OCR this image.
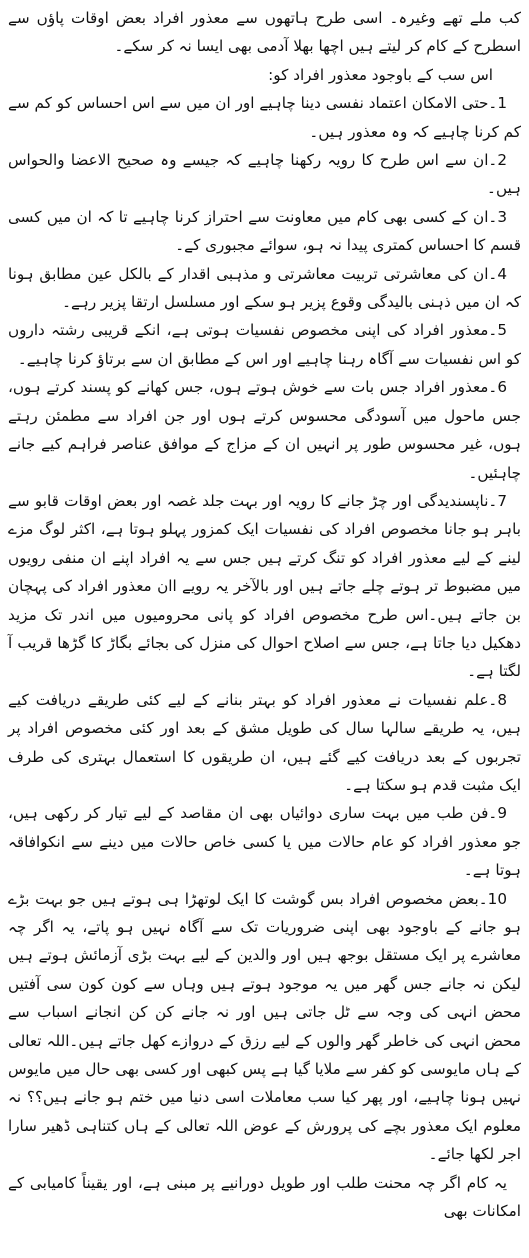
کب ملے تھے وغیرہ۔ اسی طرح ہاتھوں سے معذور افراد بعض اوقات پاؤں سے اسطرح کے کام کر لیتے ہیں اچھا بھلا آدمی بھی ایسا نہ کر سکے۔

اس سب کے باوجود معذور افراد کو:

1۔حتی الامکان اعتماد نفسی دینا چاہیے اور ان میں سے اس احساس کو کم سے کم کرنا چاہیے کہ وہ معذور ہیں۔

2۔ان سے اس طرح کا رویہ رکھنا چاہیے کہ جیسے وہ صحیح الاعضا والحواس ہیں۔

3۔ان کے کسی بھی کام میں معاونت سے احتراز کرنا چاہیے تا کہ ان میں کسی قسم کا احساس کمتری پیدا نہ ہو، سوائے مجبوری کے۔

4۔ان کی معاشرتی تربیت معاشرتی و مذہبی اقدار کے بالکل عین مطابق ہونا کہ ان میں ذہنی بالیدگی وقوع پزیر ہو سکے اور مسلسل ارتقا پزیر رہے۔

5۔معذور افراد کی اپنی مخصوص نفسیات ہوتی ہے، انکے قریبی رشتہ داروں کو اس نفسیات سے آگاہ رہنا چاہیے اور اس کے مطابق ان سے برتاؤ کرنا چاہیے۔

6۔معذور افراد جس بات سے خوش ہوتے ہوں، جس کھانے کو پسند کرتے ہوں، جس ماحول میں آسودگی محسوس کرتے ہوں اور جن افراد سے مطمئن رہتے ہوں، غیر محسوس طور پر انہیں ان کے مزاج کے موافق عناصر فراہم کیے جانے چاہئیں۔

7۔ناپسندیدگی اور چڑ جانے کا رویہ اور بہت جلد غصہ اور بعض اوقات قابو سے باہر ہو جانا مخصوص افراد کی نفسیات ایک کمزور پہلو ہوتا ہے، اکثر لوگ مزے لینے کے لیے معذور افراد کو تنگ کرتے ہیں جس سے یہ افراد اپنے ان منفی رویوں میں مضبوط تر ہوتے چلے جاتے ہیں اور بالآخر یہ رویے اان معذور افراد کی پہچان بن جاتے ہیں۔اس طرح مخصوص افراد کو پانی محرومیوں میں اندر تک مزید دھکیل دیا جاتا ہے، جس سے اصلاح احوال کی منزل کی بجائے بگاڑ کا گڑھا قریب آ لگتا ہے۔

8۔علم نفسیات نے معذور افراد کو بہتر بنانے کے لیے کئی طریقے دریافت کیے ہیں، یہ طریقے سالہا سال کی طویل مشق کے بعد اور کئی مخصوص افراد پر تجربوں کے بعد دریافت کیے گئے ہیں، ان طریقوں کا استعمال بہتری کی طرف ایک مثبت قدم ہو سکتا ہے۔

9۔فن طب میں بہت ساری دوائیاں بھی ان مقاصد کے لیے تیار کر رکھی ہیں، جو معذور افراد کو عام حالات میں یا کسی خاص حالات میں دینے سے انکوافاقہ ہوتا ہے۔

10۔بعض مخصوص افراد بس گوشت کا ایک لوتھڑا ہی ہوتے ہیں جو بہت بڑے ہو جانے کے باوجود بھی اپنی ضروریات تک سے آگاہ نہیں ہو پاتے، یہ اگر چہ معاشرے پر ایک مستقل بوجھ ہیں اور والدین کے لیے بہت بڑی آزمائش ہوتے ہیں لیکن نہ جانے جس گھر میں یہ موجود ہوتے ہیں وہاں سے کون کون سی آفتیں محض انہی کی وجہ سے ٹل جاتی ہیں اور نہ جانے کن کن انجانے اسباب سے محض انہی کی خاطر گھر والوں کے لیے رزق کے دروازے کھل جاتے ہیں۔اللہ تعالی کے ہاں مایوسی کو کفر سے ملایا گیا ہے پس کبھی اور کسی بھی حال میں مایوس نہیں ہونا چاہیے، اور پھر کیا سب معاملات اسی دنیا میں ختم ہو جانے ہیں؟؟ نہ معلوم ایک معذور بچے کی پرورش کے عوض اللہ تعالی کے ہاں کتناہی ڈھیر سارا اجر لکھا جائے۔

یہ کام اگر چہ محنت طلب اور طویل دورانیے پر مبنی ہے، اور یقیناً کامیابی کے امکانات بھی
